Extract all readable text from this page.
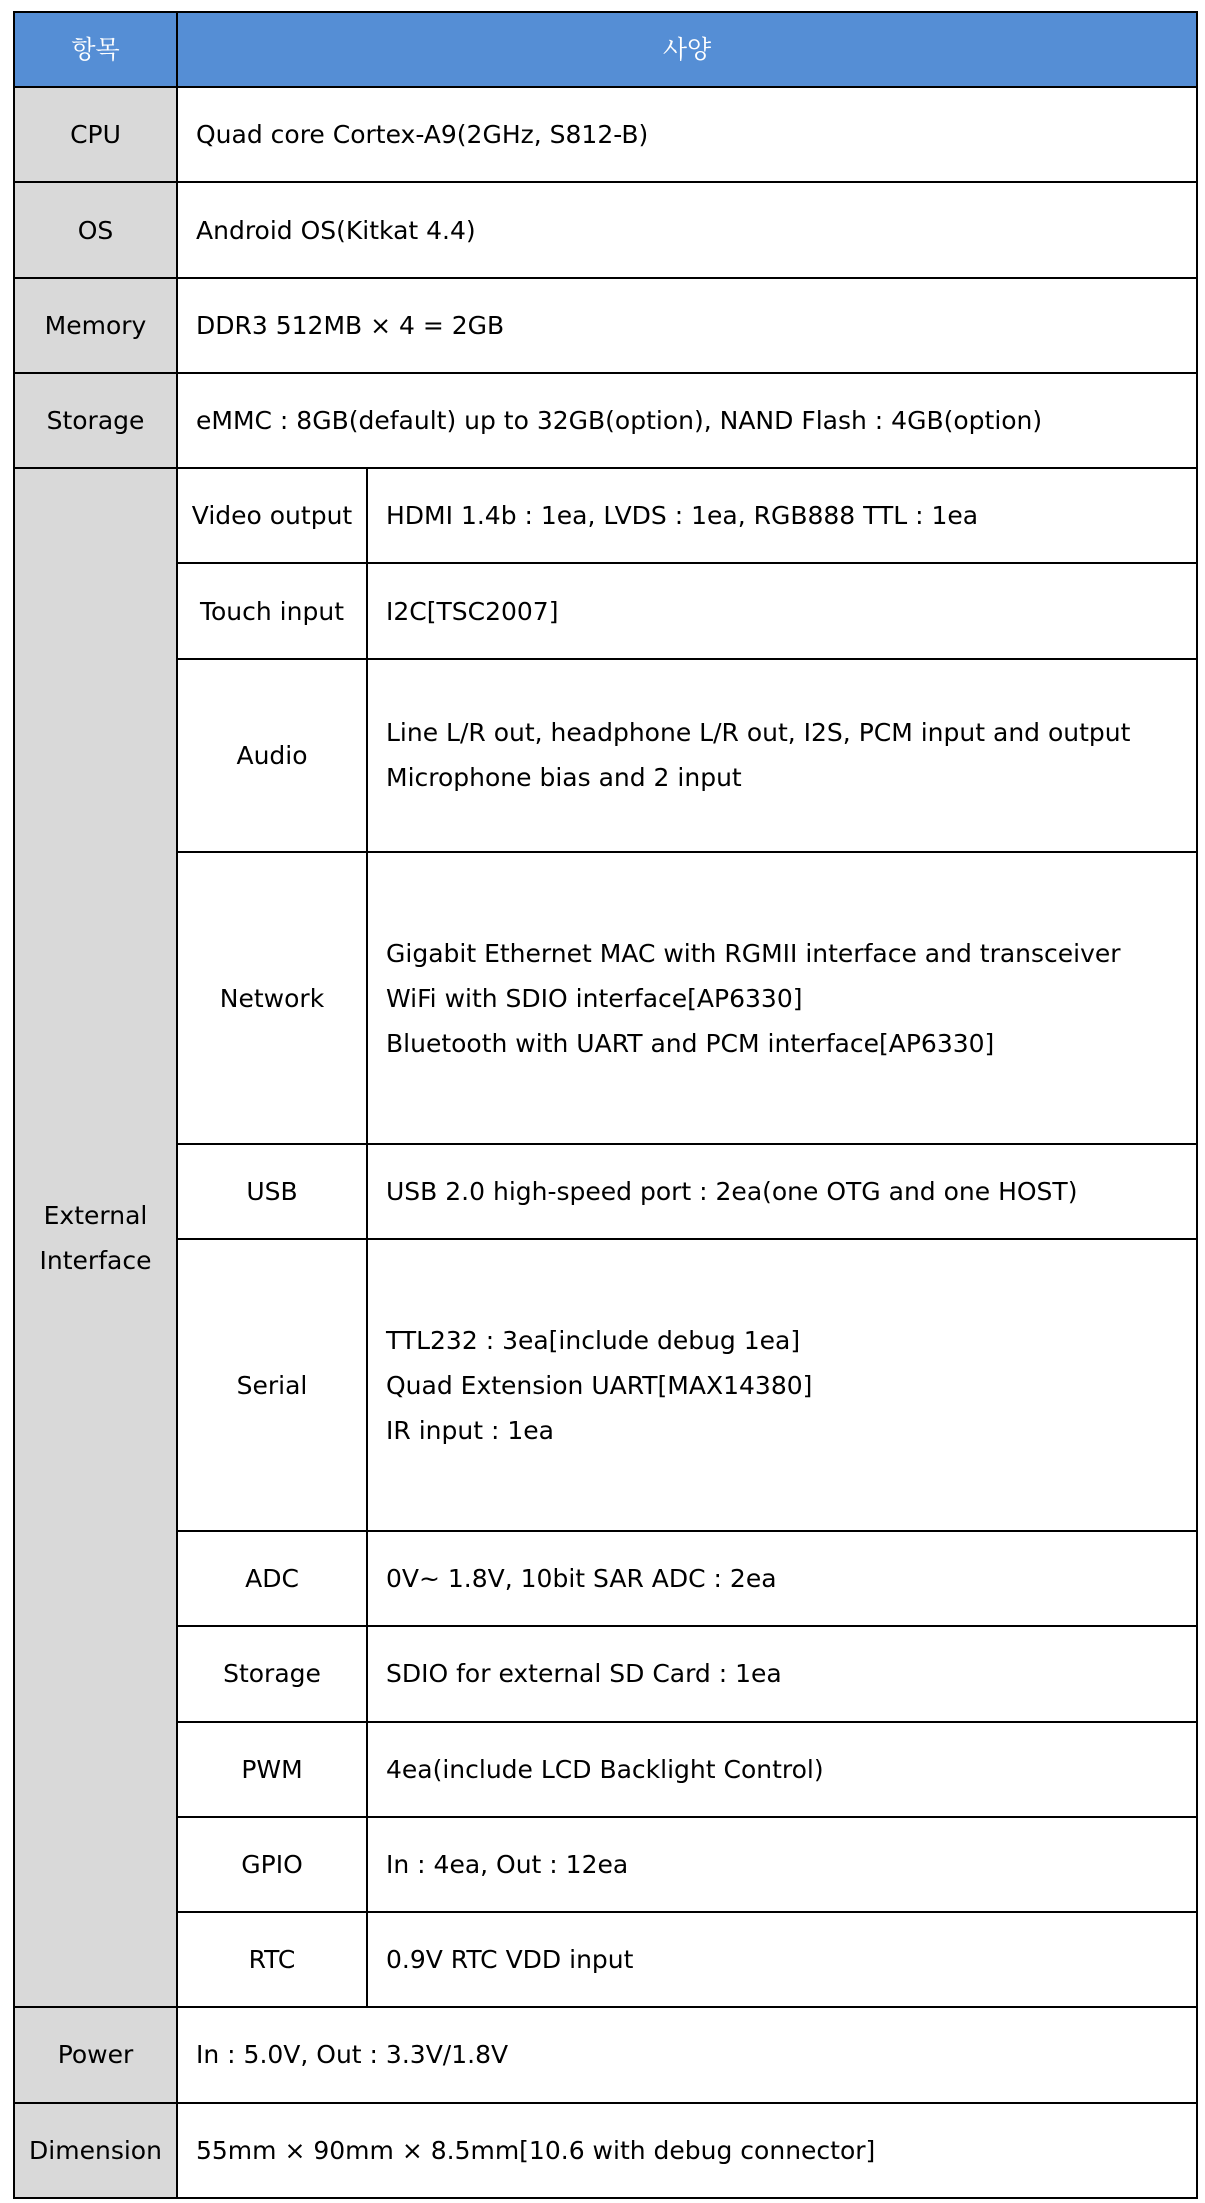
항목	사양	
CPU	Quad core Cortex-A9(2GHz, S812-B)	
OS	Android OS(Kitkat 4.4)	
Memory	DDR3 512MB × 4 = 2GB	
Storage	eMMC : 8GB(default) up to 32GB(option), NAND Flash : 4GB(option)	

External
Interface	Video output	HDMI 1.4b : 1ea, LVDS : 1ea, RGB888 TTL : 1ea

	Touch input	I2C[TSC2007]

	Audio	Line L/R out, headphone L/R out, I2S, PCM input and output
Microphone bias and 2 input

	Network	Gigabit Ethernet MAC with RGMII interface and transceiver
WiFi with SDIO interface[AP6330]
Bluetooth with UART and PCM interface[AP6330]

	USB	USB 2.0 high-speed port : 2ea(one OTG and one HOST)

	Serial	TTL232 : 3ea[include debug 1ea]
Quad Extension UART[MAX14380]
IR input : 1ea

	ADC	0V~ 1.8V, 10bit SAR ADC : 2ea

	Storage	SDIO for external SD Card : 1ea

	PWM	4ea(include LCD Backlight Control)

	GPIO	In : 4ea, Out : 12ea

	RTC	0.9V RTC VDD input

Power	In : 5.0V, Out : 3.3V/1.8V	
Dimension	55mm × 90mm × 8.5mm[10.6 with debug connector]	
